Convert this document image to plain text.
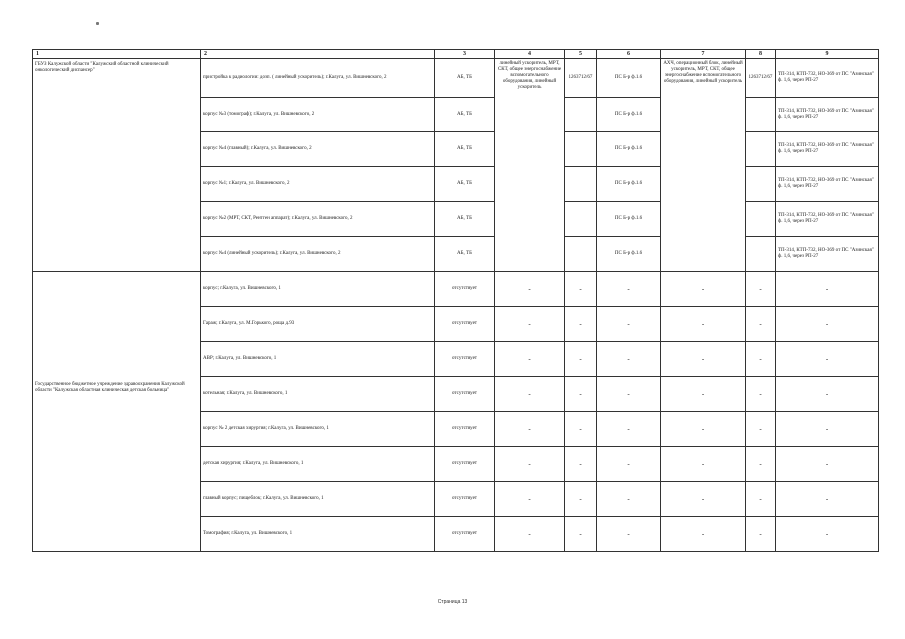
1	2	3	4	5	6	7	8	9
ГБУЗ Калужской области "Калужский областной клинический онкологический диспансер"	пристройка к радиологии: дозп. ( линейный ускоритель); г.Калуга, ул. Вишневского, 2	АБ, ТБ	линейный ускоритель, МРТ, СКТ, общее энергоснабжение вспомогательного оборудования, линейный ускоритель	1263712/67	ПС Б-р ф.1.6	АХЧ, операционный блок, линейный ускоритель, МРТ, СКТ, общее энергоснабжение вспомогательного оборудования, линейный ускоритель	1263712/67	ТП-314, КТП-732, НО-369 от ПС "Азинская" ф. 1,6, через РП-27
	корпус №3 (томограф); г.Калуга, ул. Вишневского, 2	АБ, ТБ			ПС Б-р ф.1.6			ТП-314, КТП-732, НО-369 от ПС "Азинская" ф. 1,6, через РП-27
	корпус №4 (главный); г.Калуга, ул. Вишневского, 2	АБ, ТБ			ПС Б-р ф.1.6			ТП-314, КТП-732, НО-369 от ПС "Азинская" ф. 1,6, через РП-27
	корпус №1; г.Калуга, ул. Вишневского, 2	АБ, ТБ			ПС Б-р ф.1.6			ТП-314, КТП-732, НО-369 от ПС "Азинская" ф. 1,6, через РП-27
	корпус №2 (МРТ, СКТ, Рентген аппарат); г.Калуга, ул. Вишневского, 2	АБ, ТБ			ПС Б-р ф.1.6			ТП-314, КТП-732, НО-369 от ПС "Азинская" ф. 1,6, через РП-27
	корпус №4 (линейный ускоритель); г.Калуга, ул. Вишневского, 2	АБ, ТБ			ПС Б-р ф.1.6			ТП-314, КТП-732, НО-369 от ПС "Азинская" ф. 1,6, через РП-27
Государственное бюджетное учреждение здравоохранения Калужской области "Калужская областная клиническая детская больница"	корпус; г.Калуга, ул. Вишневского, 1	отсутствует	-	-	-	-	-	-
	Гараж; г.Калуга, ул. М.Горького, роща д.93	отсутствует	-	-	-	-	-	-
	АВР; г.Калуга, ул. Вишневского, 1	отсутствует	-	-	-	-	-	-
	котельная; г.Калуга, ул. Вишневского, 1	отсутствует	-	-	-	-	-	-
	корпус № 2 детская хирургия; г.Калуга, ул. Вишневского, 1	отсутствует	-	-	-	-	-	-
	детская хирургия; г.Калуга, ул. Вишневского, 1	отсутствует	-	-	-	-	-	-
	главный корпус; пищеблок; г.Калуга, ул. Вишневского, 1	отсутствует	-	-	-	-	-	-
	Томография; г.Калуга, ул. Вишневского, 1	отсутствует	-	-	-	-	-	-
Страница 13
